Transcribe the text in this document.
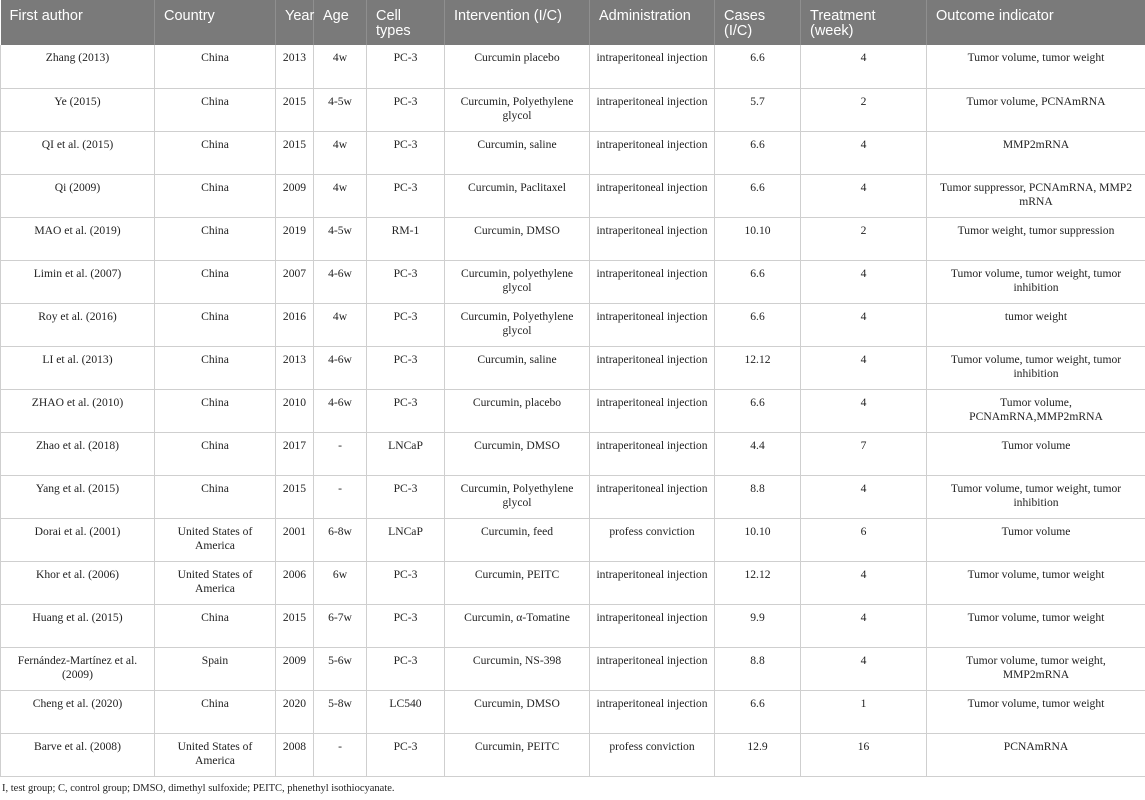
First author	Country	Year	Age	Cell types	Intervention (I/C)	Administration	Cases (I/C)	Treatment (week)	Outcome indicator
Zhang (2013)	China	2013	4w	PC-3	Curcumin placebo	intraperitoneal injection	6.6	4	Tumor volume, tumor weight
Ye (2015)	China	2015	4-5w	PC-3	Curcumin, Polyethylene glycol	intraperitoneal injection	5.7	2	Tumor volume, PCNAmRNA
QI et al. (2015)	China	2015	4w	PC-3	Curcumin, saline	intraperitoneal injection	6.6	4	MMP2mRNA
Qi (2009)	China	2009	4w	PC-3	Curcumin, Paclitaxel	intraperitoneal injection	6.6	4	Tumor suppressor, PCNAmRNA, MMP2 mRNA
MAO et al. (2019)	China	2019	4-5w	RM-1	Curcumin, DMSO	intraperitoneal injection	10.10	2	Tumor weight, tumor suppression
Limin et al. (2007)	China	2007	4-6w	PC-3	Curcumin, polyethylene glycol	intraperitoneal injection	6.6	4	Tumor volume, tumor weight, tumor inhibition
Roy et al. (2016)	China	2016	4w	PC-3	Curcumin, Polyethylene glycol	intraperitoneal injection	6.6	4	tumor weight
LI et al. (2013)	China	2013	4-6w	PC-3	Curcumin, saline	intraperitoneal injection	12.12	4	Tumor volume, tumor weight, tumor inhibition
ZHAO et al. (2010)	China	2010	4-6w	PC-3	Curcumin, placebo	intraperitoneal injection	6.6	4	Tumor volume, PCNAmRNA,MMP2mRNA
Zhao et al. (2018)	China	2017	-	LNCaP	Curcumin, DMSO	intraperitoneal injection	4.4	7	Tumor volume
Yang et al. (2015)	China	2015	-	PC-3	Curcumin, Polyethylene glycol	intraperitoneal injection	8.8	4	Tumor volume, tumor weight, tumor inhibition
Dorai et al. (2001)	United States of America	2001	6-8w	LNCaP	Curcumin, feed	profess conviction	10.10	6	Tumor volume
Khor et al. (2006)	United States of America	2006	6w	PC-3	Curcumin, PEITC	intraperitoneal injection	12.12	4	Tumor volume, tumor weight
Huang et al. (2015)	China	2015	6-7w	PC-3	Curcumin, α-Tomatine	intraperitoneal injection	9.9	4	Tumor volume, tumor weight
Fernández-Martínez et al. (2009)	Spain	2009	5-6w	PC-3	Curcumin, NS-398	intraperitoneal injection	8.8	4	Tumor volume, tumor weight, MMP2mRNA
Cheng et al. (2020)	China	2020	5-8w	LC540	Curcumin, DMSO	intraperitoneal injection	6.6	1	Tumor volume, tumor weight
Barve et al. (2008)	United States of America	2008	-	PC-3	Curcumin, PEITC	profess conviction	12.9	16	PCNAmRNA
I, test group; C, control group; DMSO, dimethyl sulfoxide; PEITC, phenethyl isothiocyanate.
